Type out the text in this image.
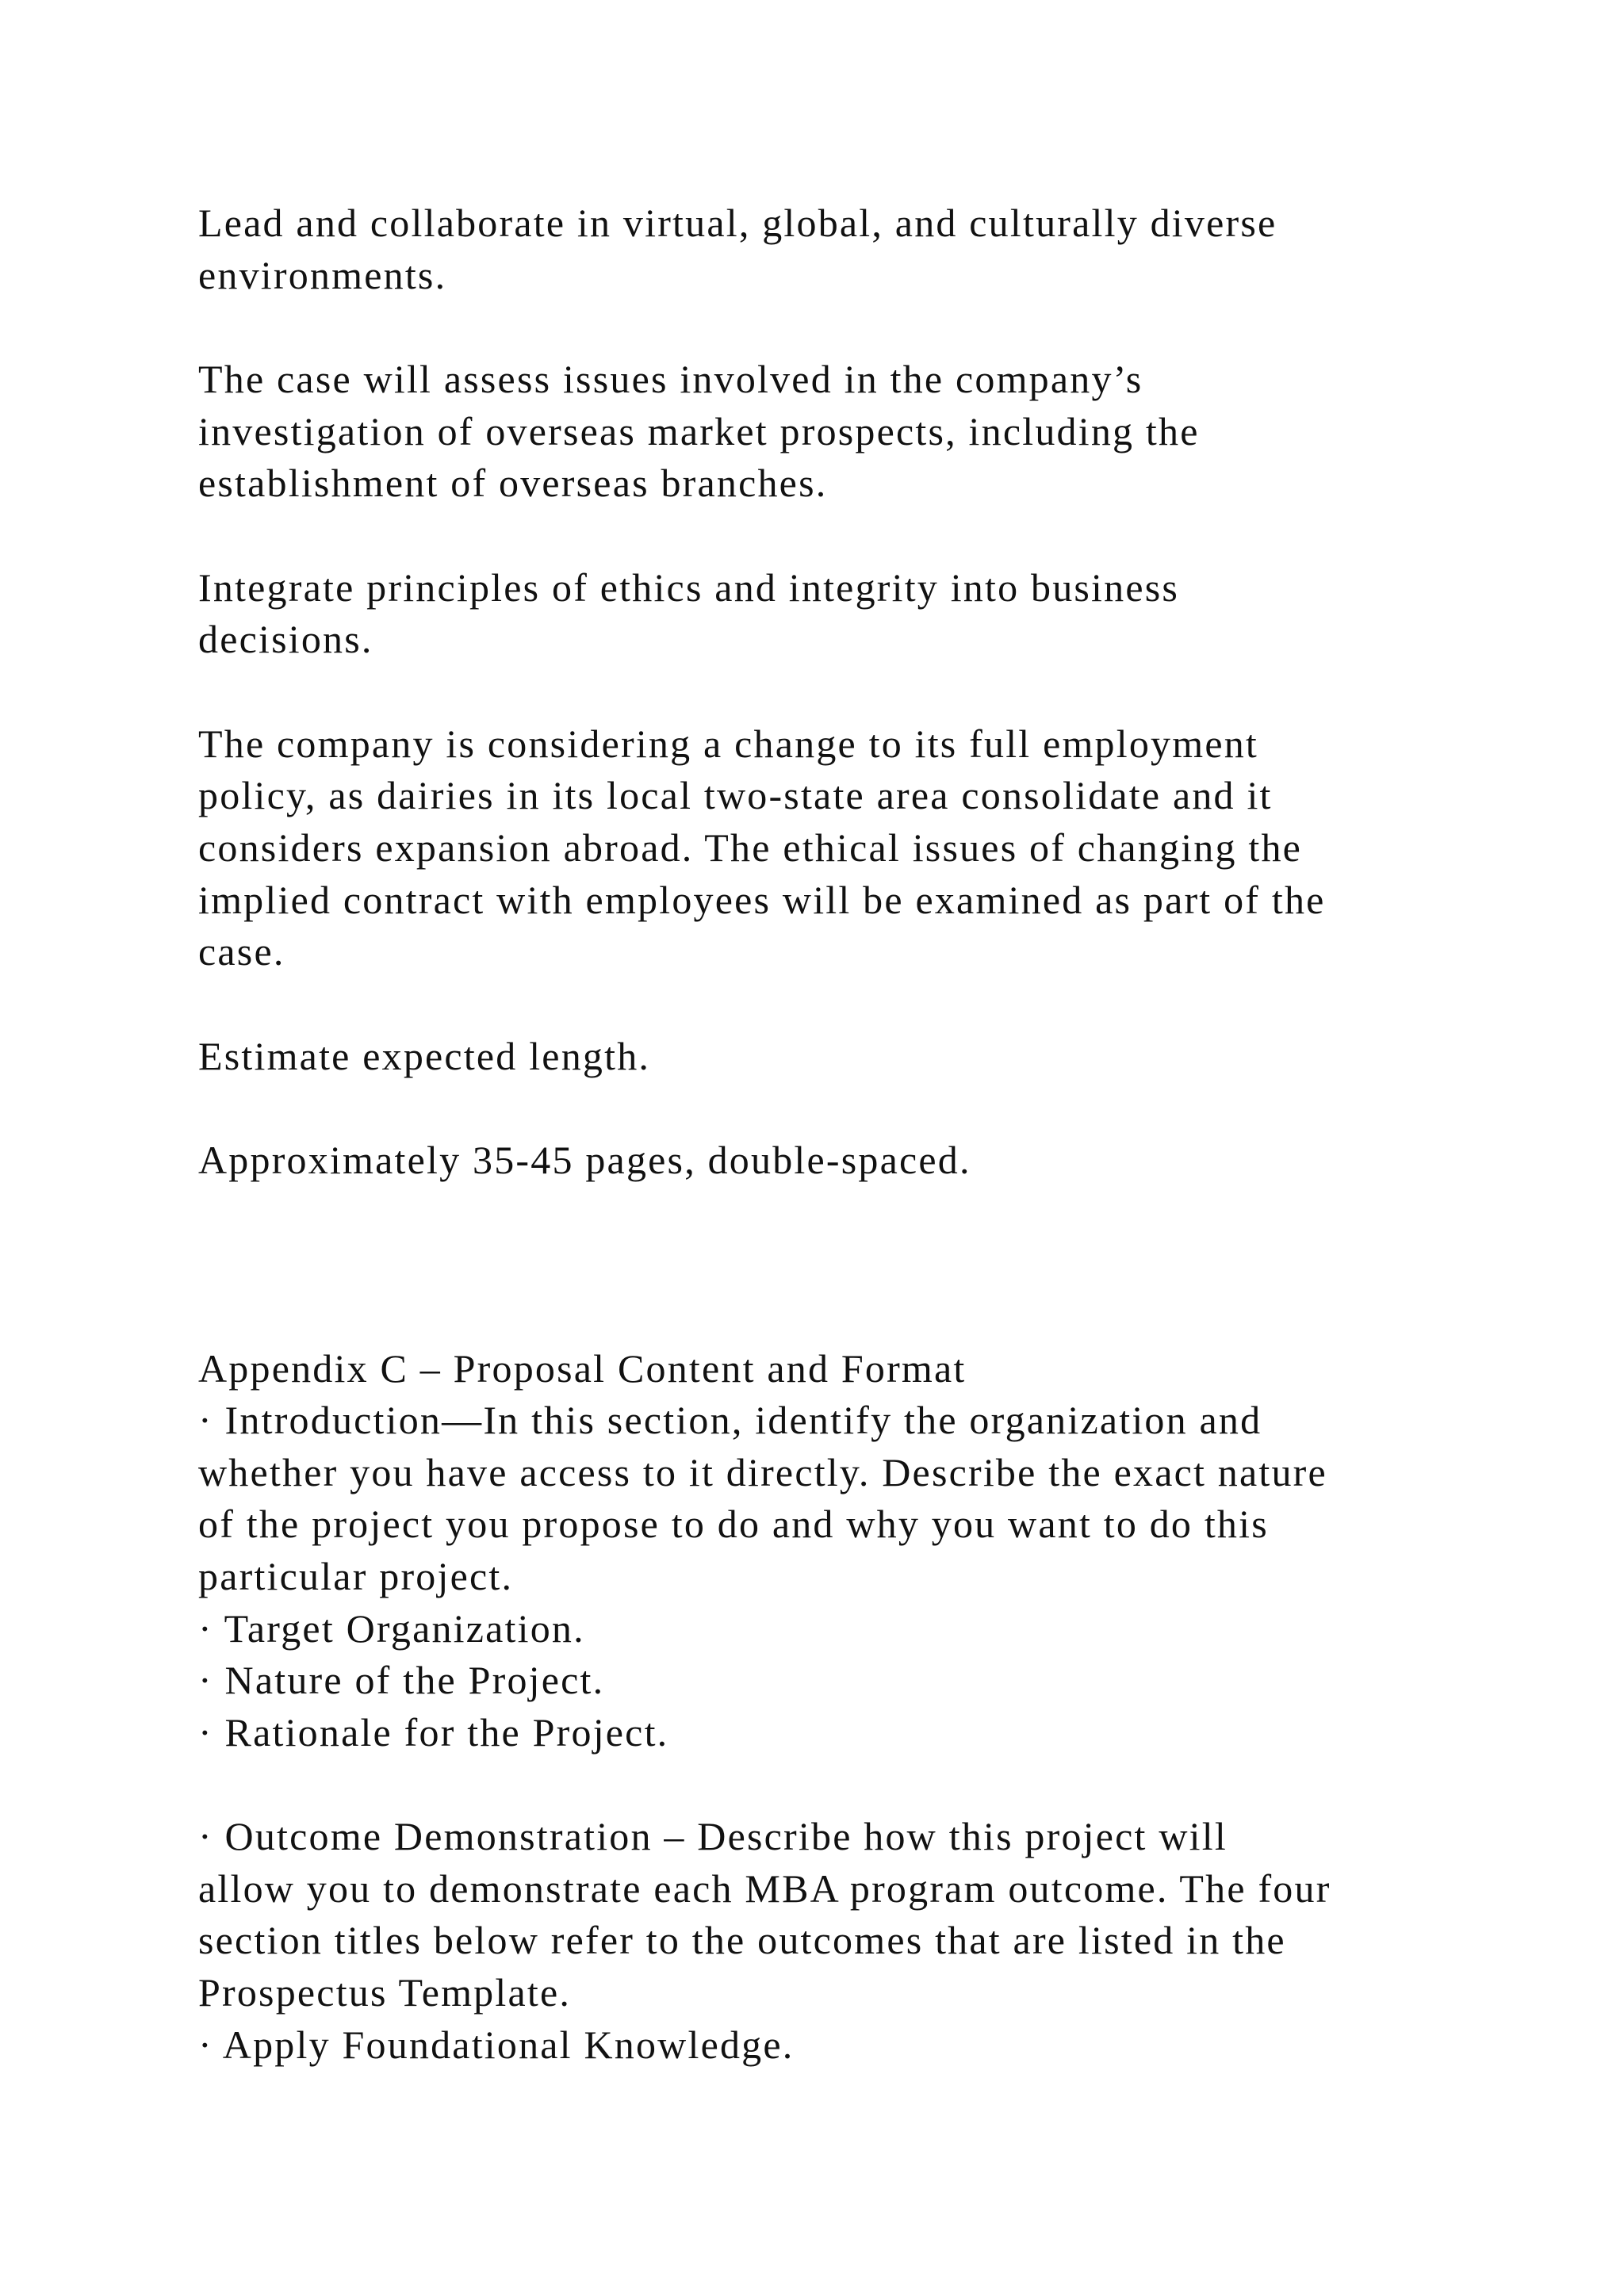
Lead and collaborate in virtual, global, and culturally diverse

environments.

The case will assess issues involved in the company’s

investigation of overseas market prospects, including the

establishment of overseas branches.

Integrate principles of ethics and integrity into business

decisions.

The company is considering a change to its full employment

policy, as dairies in its local two-state area consolidate and it

considers expansion abroad. The ethical issues of changing the

implied contract with employees will be examined as part of the

case.

Estimate expected length.

Approximately 35-45 pages, double-spaced.

Appendix C – Proposal Content and Format

· Introduction—In this section, identify the organization and

whether you have access to it directly. Describe the exact nature

of the project you propose to do and why you want to do this

particular project.

· Target Organization.

· Nature of the Project.

· Rationale for the Project.

· Outcome Demonstration – Describe how this project will

allow you to demonstrate each MBA program outcome. The four

section titles below refer to the outcomes that are listed in the

Prospectus Template.

· Apply Foundational Knowledge.
